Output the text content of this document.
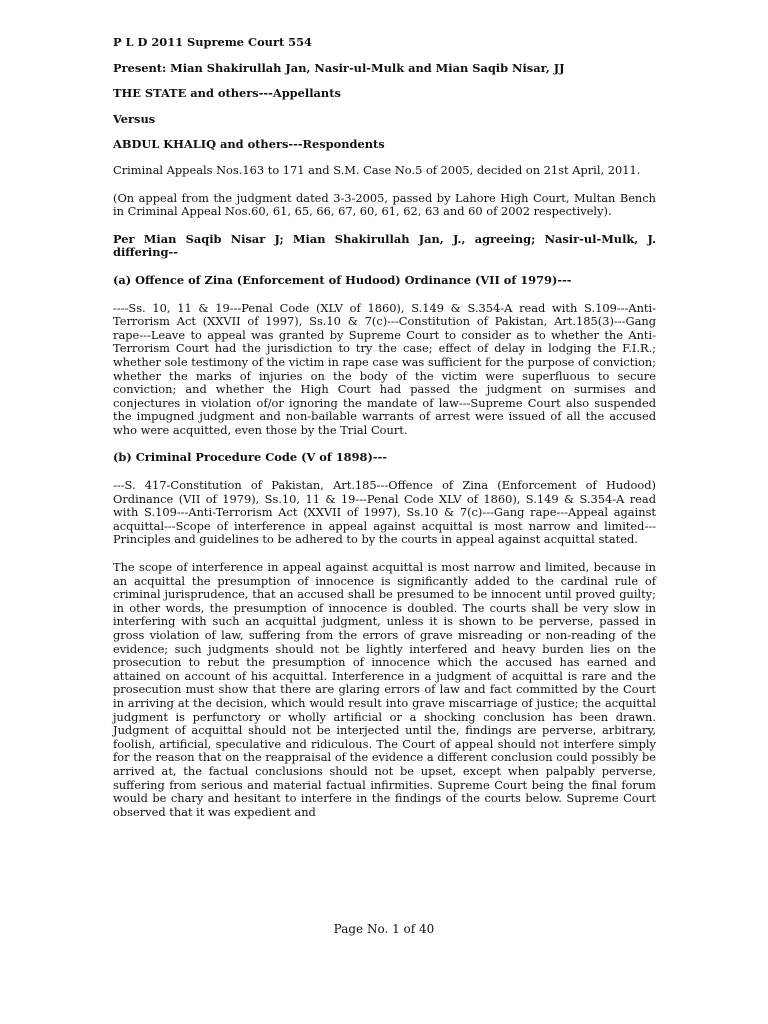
P L D 2011 Supreme Court 554

Present: Mian Shakirullah Jan, Nasir-ul-Mulk and Mian Saqib Nisar, JJ

THE STATE and others---Appellants

Versus

ABDUL KHALIQ and others---Respondents

Criminal Appeals Nos.163 to 171 and S.M. Case No.5 of 2005, decided on 21st April, 2011.

(On appeal from the judgment dated 3-3-2005, passed by Lahore High Court, Multan Bench in Criminal Appeal Nos.60, 61, 65, 66, 67, 60, 61, 62, 63 and 60 of 2002 respectively).

Per Mian Saqib Nisar J; Mian Shakirullah Jan, J., agreeing; Nasir-ul-Mulk, J. differing--

(a) Offence of Zina (Enforcement of Hudood) Ordinance (VII of 1979)---

----Ss. 10, 11 & 19---Penal Code (XLV of 1860), S.149 & S.354-A read with S.109---Anti-Terrorism Act (XXVII of 1997), Ss.10 & 7(c)---Constitution of Pakistan, Art.185(3)---Gang rape---Leave to appeal was granted by Supreme Court to consider as to whether the Anti-Terrorism Court had the jurisdiction to try the case; effect of delay in lodging the F.I.R.; whether sole testimony of the victim in rape case was sufficient for the purpose of conviction; whether the marks of injuries on the body of the victim were superfluous to secure conviction; and whether the High Court had passed the judgment on surmises and conjectures in violation of/or ignoring the mandate of law---Supreme Court also suspended the impugned judgment and non-bailable warrants of arrest were issued of all the accused who were acquitted, even those by the Trial Court.

(b) Criminal Procedure Code (V of 1898)---

---S. 417-Constitution of Pakistan, Art.185---Offence of Zina (Enforcement of Hudood) Ordinance (VII of 1979), Ss.10, 11 & 19---Penal Code XLV of 1860), S.149 & S.354-A read with S.109---Anti-Terrorism Act (XXVII of 1997), Ss.10 & 7(c)---Gang rape---Appeal against acquittal---Scope of interference in appeal against acquittal is most narrow and limited---Principles and guidelines to be adhered to by the courts in appeal against acquittal stated.

The scope of interference in appeal against acquittal is most narrow and limited, because in an acquittal the presumption of innocence is significantly added to the cardinal rule of criminal jurisprudence, that an accused shall be presumed to be innocent until proved guilty; in other words, the presumption of innocence is doubled. The courts shall be very slow in interfering with such an acquittal judgment, unless it is shown to be perverse, passed in gross violation of law, suffering from the errors of grave misreading or non-reading of the evidence; such judgments should not be lightly interfered and heavy burden lies on the prosecution to rebut the presumption of innocence which the accused has earned and attained on account of his acquittal. Interference in a judgment of acquittal is rare and the prosecution must show that there are glaring errors of law and fact committed by the Court in arriving at the decision, which would result into grave miscarriage of justice; the acquittal judgment is perfunctory or wholly artificial or a shocking conclusion has been drawn. Judgment of acquittal should not be interjected until the, findings are perverse, arbitrary, foolish, artificial, speculative and ridiculous. The Court of appeal should not interfere simply for the reason that on the reappraisal of the evidence a different conclusion could possibly be arrived at, the factual conclusions should not be upset, except when palpably perverse, suffering from serious and material factual infirmities. Supreme Court being the final forum would be chary and hesitant to interfere in the findings of the courts below. Supreme Court observed that it was expedient and

Page No. 1 of 40
